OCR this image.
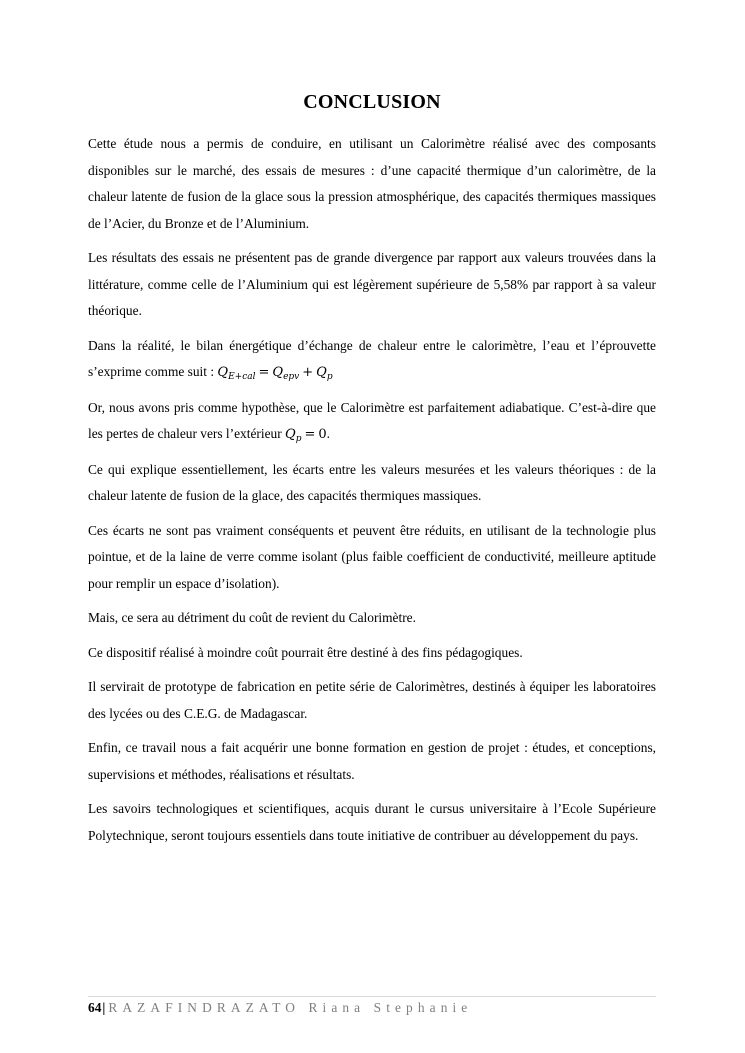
CONCLUSION

Cette étude nous a permis de conduire, en utilisant un Calorimètre réalisé avec des composants disponibles sur le marché, des essais de mesures : d’une capacité thermique d’un calorimètre, de la chaleur latente de fusion de la glace sous la pression atmosphérique, des capacités thermiques massiques de l’Acier, du Bronze et de l’Aluminium.

Les résultats des essais ne présentent pas de grande divergence par rapport aux valeurs trouvées dans la littérature, comme celle de l’Aluminium qui est légèrement supérieure de 5,58% par rapport à sa valeur théorique.

Dans la réalité, le bilan énergétique d’échange de chaleur entre le calorimètre, l’eau et l’éprouvette s’exprime comme suit : $Q_{E+cal} = Q_{epv} + Q_p$

Or, nous avons pris comme hypothèse, que le Calorimètre est parfaitement adiabatique. C’est-à-dire que les pertes de chaleur vers l’extérieur $Q_p = 0$.

Ce qui explique essentiellement, les écarts entre les valeurs mesurées et les valeurs théoriques : de la chaleur latente de fusion de la glace, des capacités thermiques massiques.

Ces écarts ne sont pas vraiment conséquents et peuvent être réduits, en utilisant de la technologie plus pointue, et de la laine de verre comme isolant (plus faible coefficient de conductivité, meilleure aptitude pour remplir un espace d’isolation).

Mais, ce sera au détriment du coût de revient du Calorimètre.

Ce dispositif réalisé à moindre coût pourrait être destiné à des fins pédagogiques.

Il servirait de prototype de fabrication en petite série de Calorimètres, destinés à équiper les laboratoires des lycées ou des C.E.G. de Madagascar.

Enfin, ce travail nous a fait acquérir une bonne formation en gestion de projet : études, et conceptions, supervisions et méthodes, réalisations et résultats.

Les savoirs technologiques et scientifiques, acquis durant le cursus universitaire à l’Ecole Supérieure Polytechnique, seront toujours essentiels dans toute initiative de contribuer au développement du pays.

64| RAZAFINDRAZATO Riana Stephanie
